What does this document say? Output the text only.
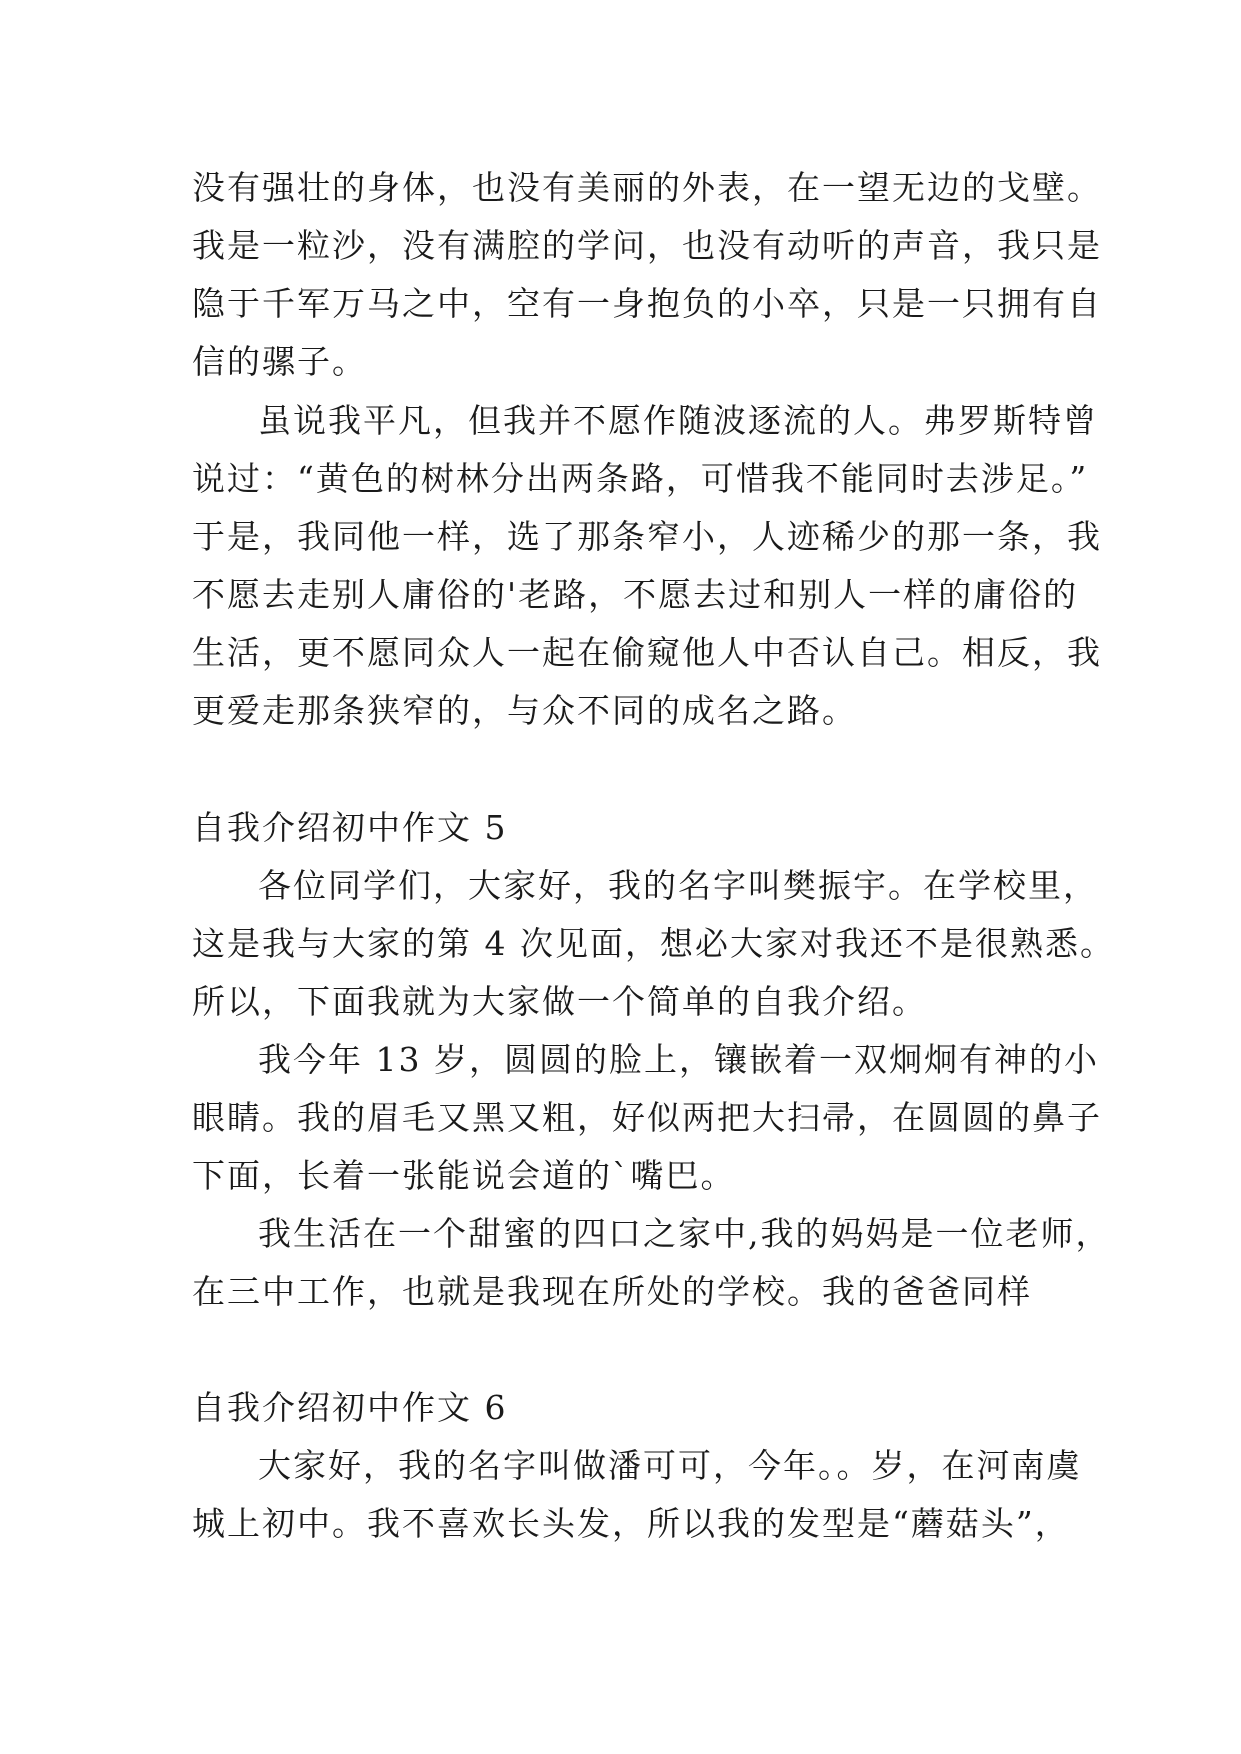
没有强壮的身体，也没有美丽的外表，在一望无边的戈壁。

我是一粒沙，没有满腔的学问，也没有动听的声音，我只是

隐于千军万马之中，空有一身抱负的小卒，只是一只拥有自

信的骡子。

虽说我平凡，但我并不愿作随波逐流的人。弗罗斯特曾

说过：“黄色的树林分出两条路，可惜我不能同时去涉足。”

于是，我同他一样，选了那条窄小，人迹稀少的那一条，我

不愿去走别人庸俗的'老路，不愿去过和别人一样的庸俗的

生活，更不愿同众人一起在偷窥他人中否认自己。相反，我

更爱走那条狭窄的，与众不同的成名之路。

自我介绍初中作文 5

各位同学们，大家好，我的名字叫樊振宇。在学校里，

这是我与大家的第 4 次见面，想必大家对我还不是很熟悉。

所以，下面我就为大家做一个简单的自我介绍。

我今年 13 岁，圆圆的脸上，镶嵌着一双炯炯有神的小

眼睛。我的眉毛又黑又粗，好似两把大扫帚，在圆圆的鼻子

下面，长着一张能说会道的`嘴巴。

我生活在一个甜蜜的四口之家中,我的妈妈是一位老师，

在三中工作，也就是我现在所处的学校。我的爸爸同样

自我介绍初中作文 6

大家好，我的名字叫做潘可可，今年。。岁，在河南虞

城上初中。我不喜欢长头发，所以我的发型是“蘑菇头”，
